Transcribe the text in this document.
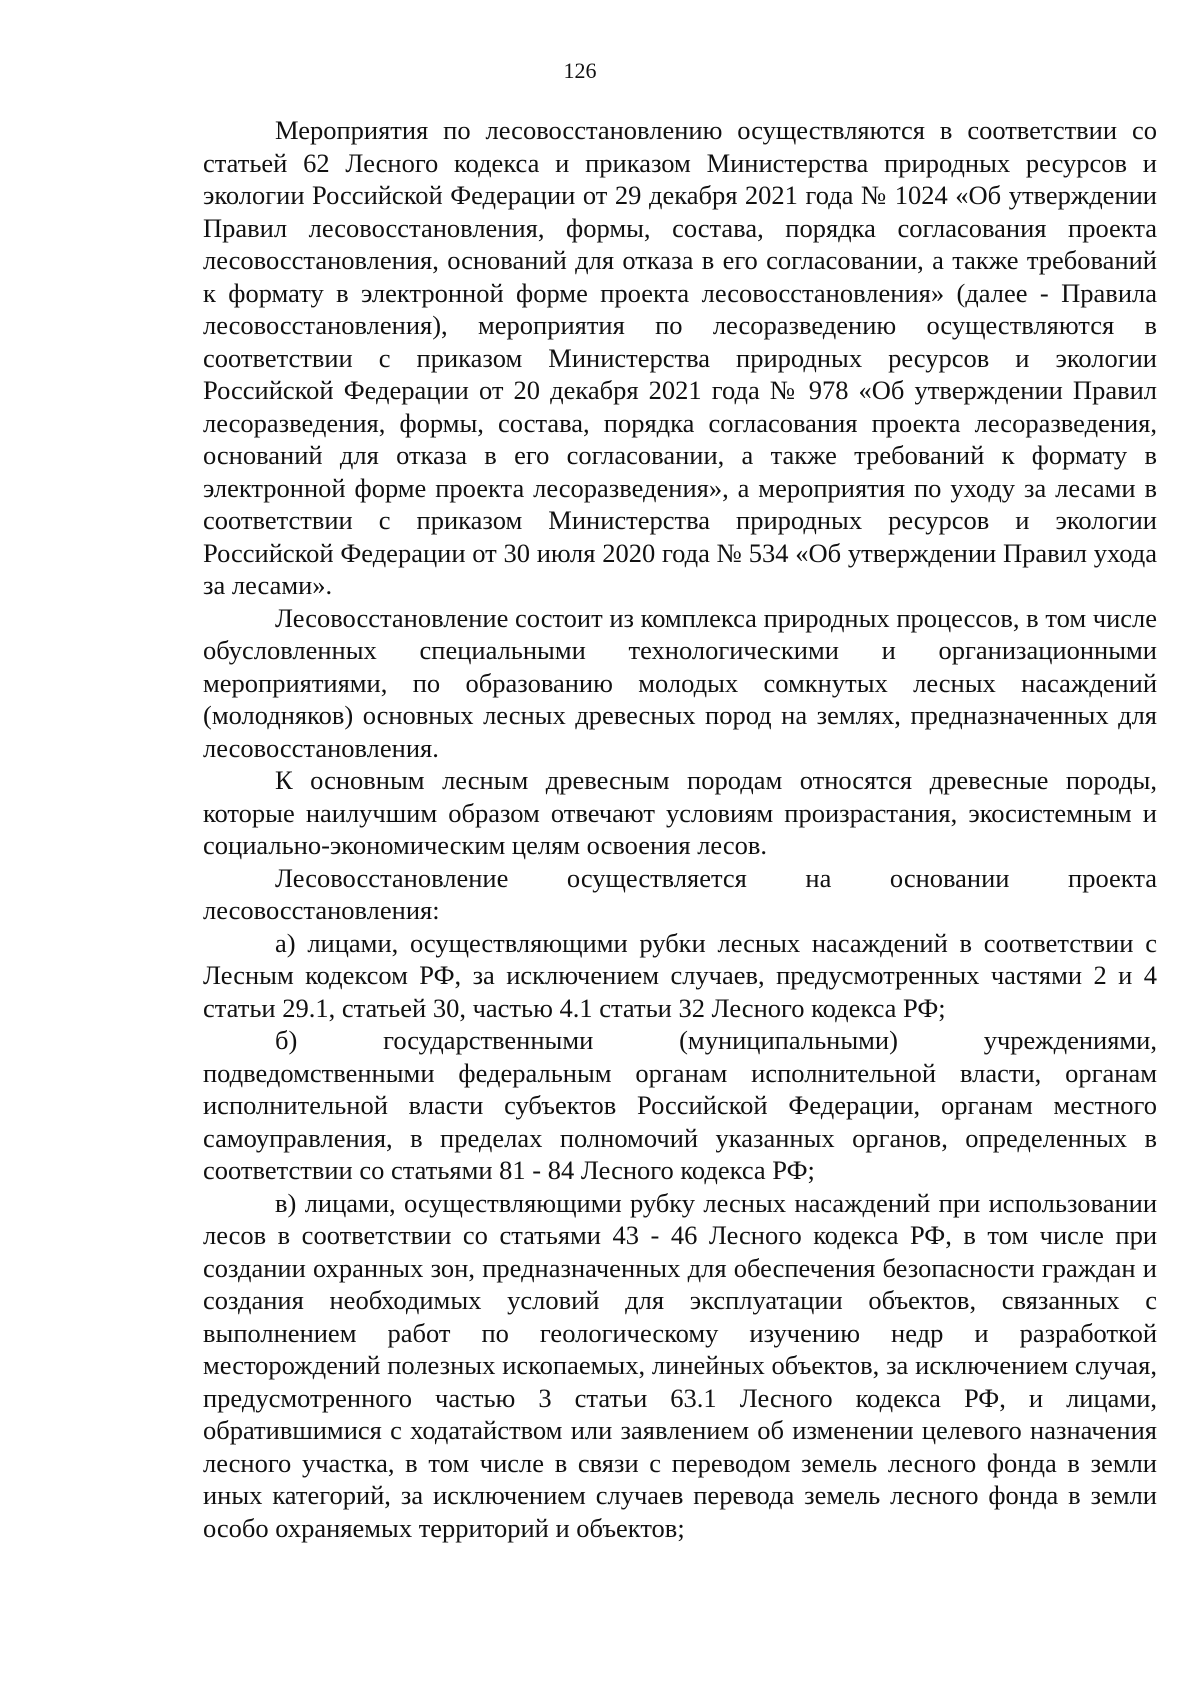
126

Мероприятия по лесовосстановлению осуществляются в соответствии со статьей 62 Лесного кодекса и приказом Министерства природных ресурсов и экологии Российской Федерации от 29 декабря 2021 года № 1024 «Об утверждении Правил лесовосстановления, формы, состава, порядка согласования проекта лесовосстановления, оснований для отказа в его согласовании, а также требований к формату в электронной форме проекта лесовосстановления» (далее - Правила лесовосстановления), мероприятия по лесоразведению осуществляются в соответствии с приказом Министерства природных ресурсов и экологии Российской Федерации от 20 декабря 2021 года № 978 «Об утверждении Правил лесоразведения, формы, состава, порядка согласования проекта лесоразведения, оснований для отказа в его согласовании, а также требований к формату в электронной форме проекта лесоразведения», а мероприятия по уходу за лесами в соответствии с приказом Министерства природных ресурсов и экологии Российской Федерации от 30 июля 2020 года № 534 «Об утверждении Правил ухода за лесами».

Лесовосстановление состоит из комплекса природных процессов, в том числе обусловленных специальными технологическими и организационными мероприятиями, по образованию молодых сомкнутых лесных насаждений (молодняков) основных лесных древесных пород на землях, предназначенных для лесовосстановления.

К основным лесным древесным породам относятся древесные породы, которые наилучшим образом отвечают условиям произрастания, экосистемным и социально-экономическим целям освоения лесов.

Лесовосстановление осуществляется на основании проекта лесовосстановления:

а) лицами, осуществляющими рубки лесных насаждений в соответствии с Лесным кодексом РФ, за исключением случаев, предусмотренных частями 2 и 4 статьи 29.1, статьей 30, частью 4.1 статьи 32 Лесного кодекса РФ;

б) государственными (муниципальными) учреждениями, подведомственными федеральным органам исполнительной власти, органам исполнительной власти субъектов Российской Федерации, органам местного самоуправления, в пределах полномочий указанных органов, определенных в соответствии со статьями 81 - 84 Лесного кодекса РФ;

в) лицами, осуществляющими рубку лесных насаждений при использовании лесов в соответствии со статьями 43 - 46 Лесного кодекса РФ, в том числе при создании охранных зон, предназначенных для обеспечения безопасности граждан и создания необходимых условий для эксплуатации объектов, связанных с выполнением работ по геологическому изучению недр и разработкой месторождений полезных ископаемых, линейных объектов, за исключением случая, предусмотренного частью 3 статьи 63.1 Лесного кодекса РФ, и лицами, обратившимися с ходатайством или заявлением об изменении целевого назначения лесного участка, в том числе в связи с переводом земель лесного фонда в земли иных категорий, за исключением случаев перевода земель лесного фонда в земли особо охраняемых территорий и объектов;
